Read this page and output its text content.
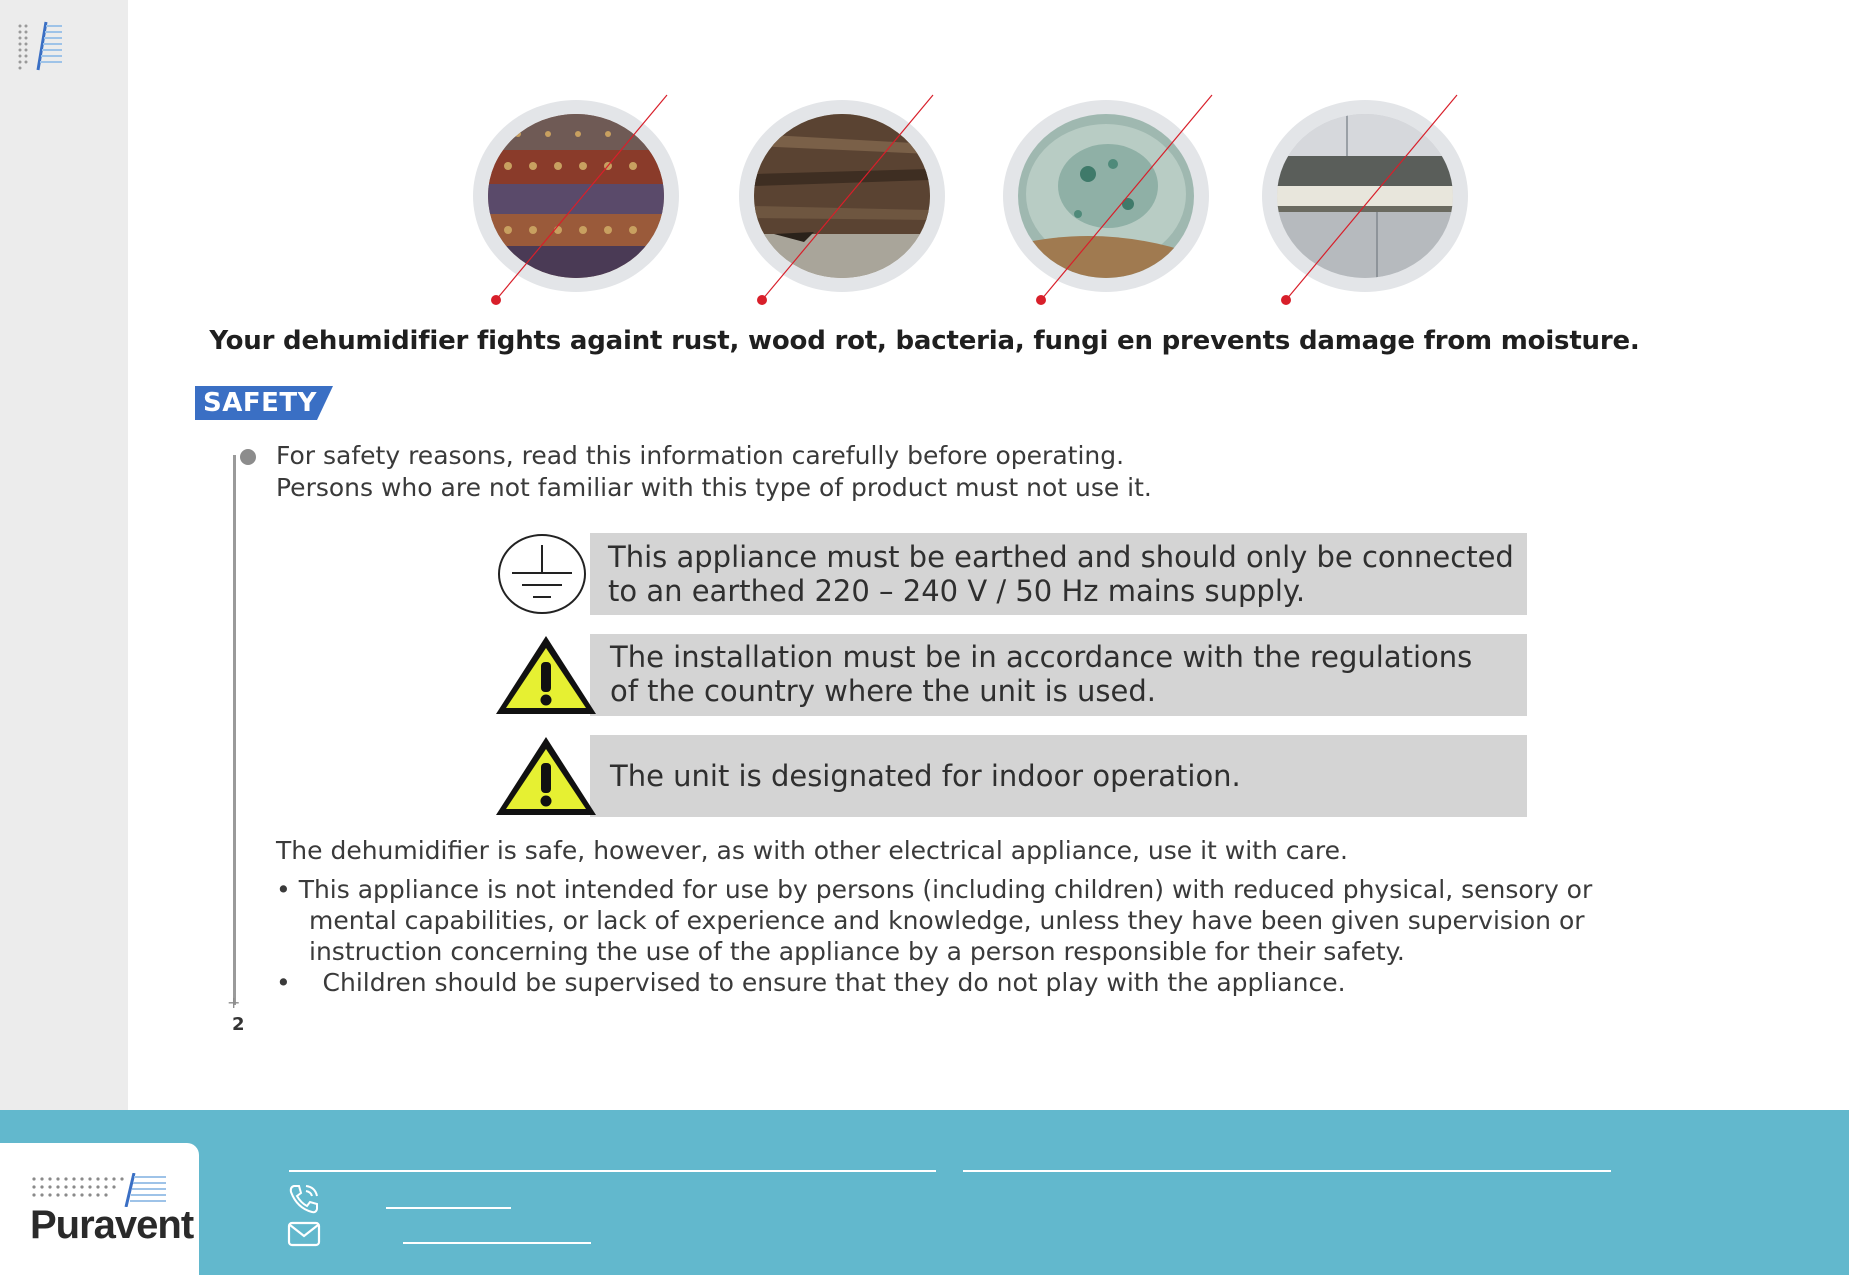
Your dehumidifier fights againt rust, wood rot, bacteria, fungi en prevents damage from moisture.
SAFETY
+
2
For safety reasons, read this information carefully before operating.
Persons who are not familiar with this type of product must not use it.
This appliance must be earthed and should only be connected
to an earthed 220 – 240 V / 50 Hz mains supply.
The installation must be in accordance with the regulations
of the country where the unit is used.
The unit is designated for indoor operation.
The dehumidifier is safe, however, as with other electrical appliance, use it with care.
• This appliance is not intended for use by persons (including children) with reduced physical, sensory or
mental capabilities, or lack of experience and knowledge, unless they have been given supervision or
instruction concerning the use of the appliance by a person responsible for their safety.
•    Children should be supervised to ensure that they do not play with the appliance.
Puravent
